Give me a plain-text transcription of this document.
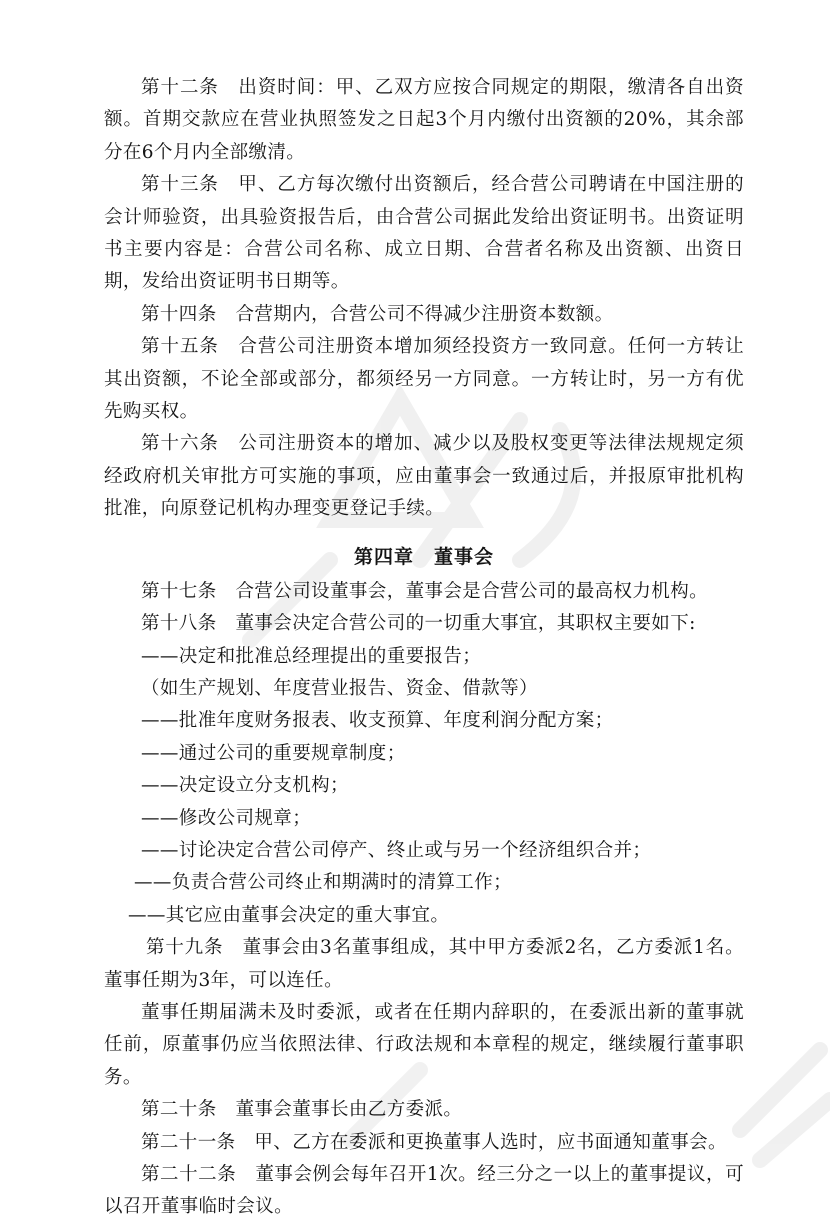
第十二条　出资时间：甲、乙双方应按合同规定的期限，缴清各自出资额。首期交款应在营业执照签发之日起3个月内缴付出资额的20%，其余部分在6个月内全部缴清。

第十三条　甲、乙方每次缴付出资额后，经合营公司聘请在中国注册的会计师验资，出具验资报告后，由合营公司据此发给出资证明书。出资证明书主要内容是：合营公司名称、成立日期、合营者名称及出资额、出资日期，发给出资证明书日期等。

第十四条　合营期内，合营公司不得减少注册资本数额。

第十五条　合营公司注册资本增加须经投资方一致同意。任何一方转让其出资额，不论全部或部分，都须经另一方同意。一方转让时，另一方有优先购买权。

第十六条　公司注册资本的增加、减少以及股权变更等法律法规规定须经政府机关审批方可实施的事项，应由董事会一致通过后，并报原审批机构批准，向原登记机构办理变更登记手续。

第四章　董事会

第十七条　合营公司设董事会，董事会是合营公司的最高权力机构。

第十八条　董事会决定合营公司的一切重大事宜，其职权主要如下:

——决定和批准总经理提出的重要报告；

（如生产规划、年度营业报告、资金、借款等）

——批准年度财务报表、收支预算、年度利润分配方案；

——通过公司的重要规章制度；

——决定设立分支机构；

——修改公司规章；

——讨论决定合营公司停产、终止或与另一个经济组织合并；

——负责合营公司终止和期满时的清算工作；

——其它应由董事会决定的重大事宜。

第十九条　董事会由3名董事组成，其中甲方委派2名，乙方委派1名。董事任期为3年，可以连任。

董事任期届满未及时委派，或者在任期内辞职的，在委派出新的董事就任前，原董事仍应当依照法律、行政法规和本章程的规定，继续履行董事职务。

第二十条　董事会董事长由乙方委派。

第二十一条　甲、乙方在委派和更换董事人选时，应书面通知董事会。

第二十二条　董事会例会每年召开1次。经三分之一以上的董事提议，可以召开董事临时会议。
